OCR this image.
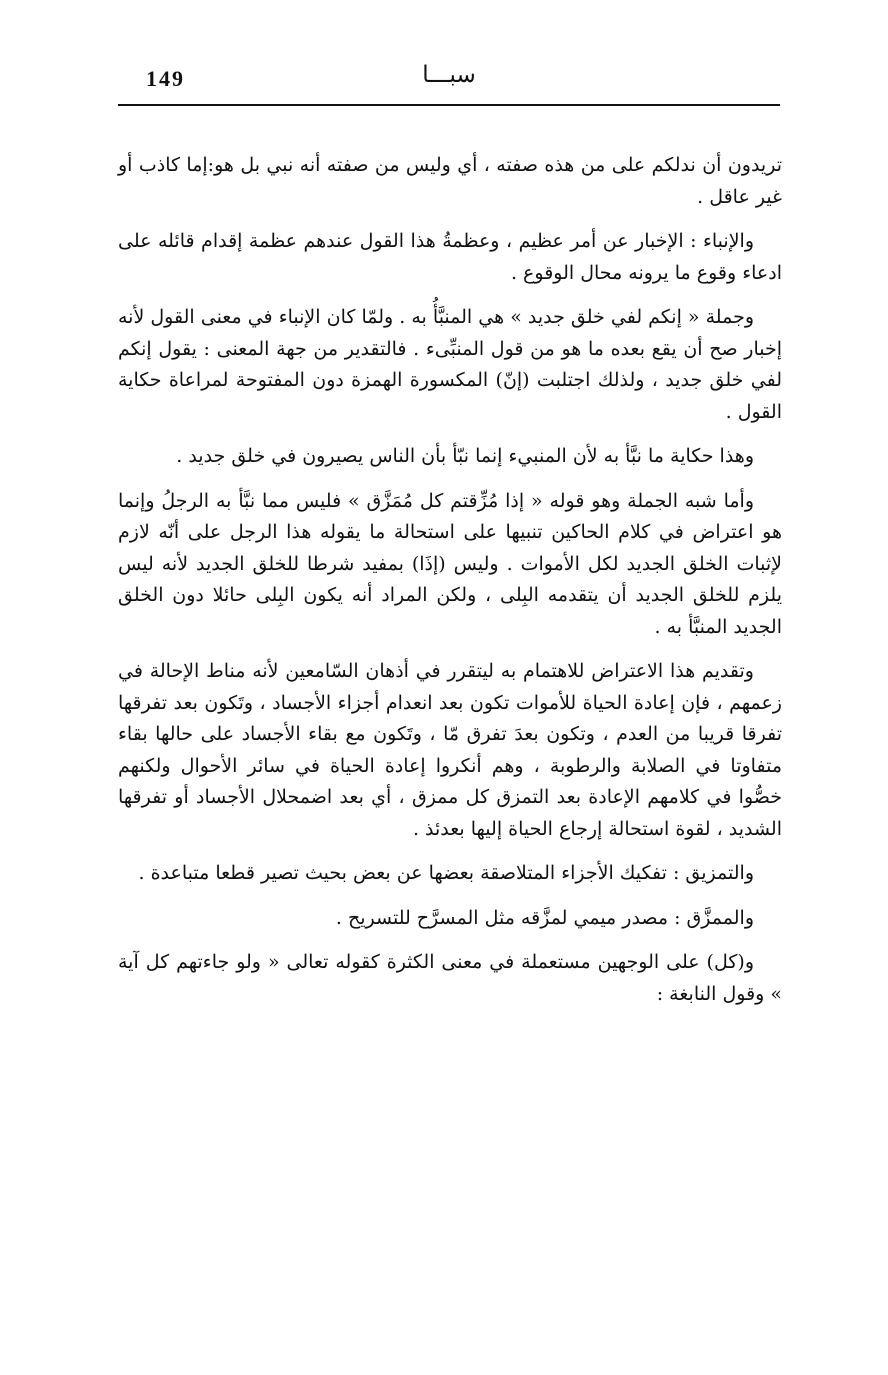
149	سبـــا

تريدون أن ندلكم على من هذه صفته ، أي وليس من صفته أنه نبي بل هو:إما كاذب أو غير عاقل .

والإنباء : الإخبار عن أمر عظيم ، وعظمةُ هذا القول عندهم عظمة إقدام قائله على ادعاء وقوع ما يرونه محال الوقوع .

وجملة « إنكم لفي خلق جديد » هي المنبَّأُ به . ولمّا كان الإنباء في معنى القول لأنه إخبار صح أن يقع بعده ما هو من قول المنبِّىء . فالتقدير من جهة المعنى : يقول إنكم لفي خلق جديد ، ولذلك اجتلبت (إنّ) المكسورة الهمزة دون المفتوحة لمراعاة حكاية القول .

وهذا حكاية ما نبَّأ به لأن المنبيء إنما نبّأ بأن الناس يصيرون في خلق جديد .

وأما شبه الجملة وهو قوله « إذا مُزِّقتم كل مُمَزَّق » فليس مما نبَّأ به الرجلُ وإنما هو اعتراض في كلام الحاكين تنبيها على استحالة ما يقوله هذا الرجل على أنّه لازم لإثبات الخلق الجديد لكل الأموات . وليس (إذَا) بمفيد شرطا للخلق الجديد لأنه ليس يلزم للخلق الجديد أن يتقدمه البِلى ، ولكن المراد أنه يكون البِلى حائلا دون الخلق الجديد المنبَّأ به .

وتقديم هذا الاعتراض للاهتمام به ليتقرر في أذهان السّامعين لأنه مناط الإحالة في زعمهم ، فإن إعادة الحياة للأموات تكون بعد انعدام أجزاء الأجساد ، وتَكون بعد تفرقها تفرقا قريبا من العدم ، وتكون بعدَ تفرق مّا ، وتَكون مع بقاء الأجساد على حالها بقاء متفاوتا في الصلابة والرطوبة ، وهم أنكروا إعادة الحياة في سائر الأحوال ولكنهم خصُّوا في كلامهم الإعادة بعد التمزق كل ممزق ، أي بعد اضمحلال الأجساد أو تفرقها الشديد ، لقوة استحالة إرجاع الحياة إليها بعدئذ .

والتمزيق : تفكيك الأجزاء المتلاصقة بعضها عن بعض بحيث تصير قطعا متباعدة .

والممزَّق : مصدر ميمي لمزَّقه مثل المسرَّح للتسريح .

و(كل) على الوجهين مستعملة في معنى الكثرة كقوله تعالى « ولو جاءتهم كل آية » وقول النابغة :
